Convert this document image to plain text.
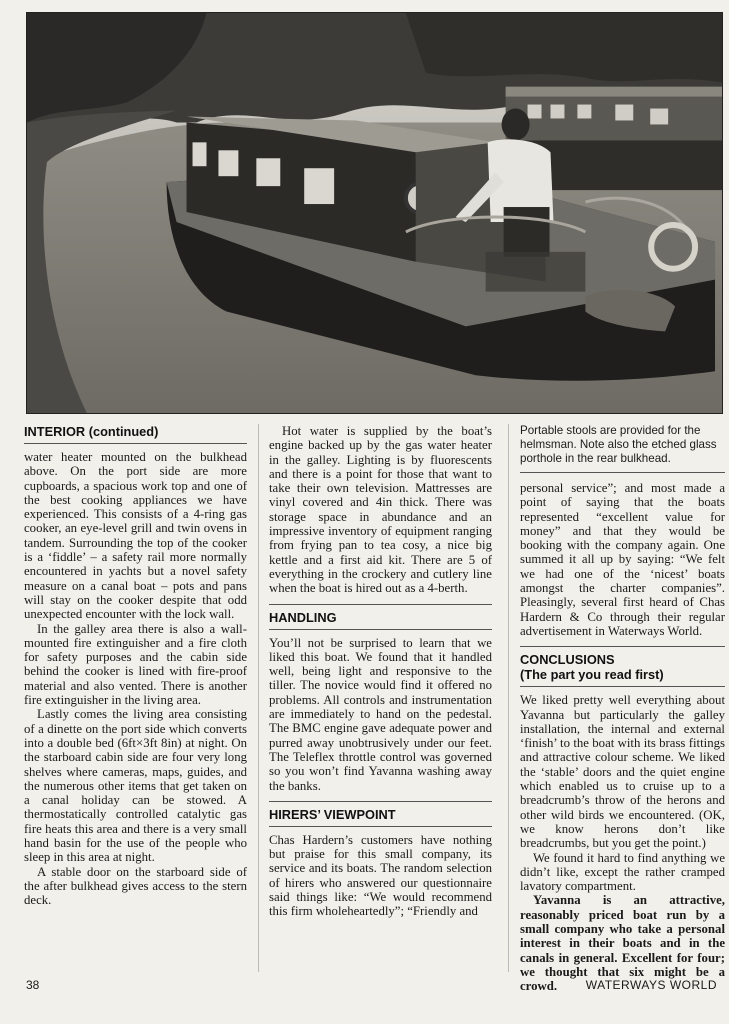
INTERIOR (continued)

water heater mounted on the bulkhead above. On the port side are more cupboards, a spacious work top and one of the best cooking appliances we have experienced. This consists of a 4-ring gas cooker, an eye-level grill and twin ovens in tandem. Surrounding the top of the cooker is a ‘fiddle’ – a safety rail more normally encountered in yachts but a novel safety measure on a canal boat – pots and pans will stay on the cooker despite that odd unexpected encounter with the lock wall.

In the galley area there is also a wall-mounted fire extinguisher and a fire cloth for safety purposes and the cabin side behind the cooker is lined with fire-proof material and also vented. There is another fire extinguisher in the living area.

Lastly comes the living area consisting of a dinette on the port side which converts into a double bed (6ft×3ft 8in) at night. On the starboard cabin side are four very long shelves where cameras, maps, guides, and the numerous other items that get taken on a canal holiday can be stowed. A thermostatically controlled catalytic gas fire heats this area and there is a very small hand basin for the use of the people who sleep in this area at night.

A stable door on the starboard side of the after bulkhead gives access to the stern deck.

Hot water is supplied by the boat’s engine backed up by the gas water heater in the galley. Lighting is by fluorescents and there is a point for those that want to take their own television. Mattresses are vinyl covered and 4in thick. There was storage space in abundance and an impressive inventory of equipment ranging from frying pan to tea cosy, a nice big kettle and a first aid kit. There are 5 of everything in the crockery and cutlery line when the boat is hired out as a 4-berth.

HANDLING

You’ll not be surprised to learn that we liked this boat. We found that it handled well, being light and responsive to the tiller. The novice would find it offered no problems. All controls and instrumentation are immediately to hand on the pedestal. The BMC engine gave adequate power and purred away unobtrusively under our feet. The Teleflex throttle control was governed so you won’t find Yavanna washing away the banks.

HIRERS’ VIEWPOINT

Chas Hardern’s customers have nothing but praise for this small company, its service and its boats. The random selection of hirers who answered our questionnaire said things like: “We would recommend this firm wholeheartedly”; “Friendly and

Portable stools are provided for the helmsman. Note also the etched glass porthole in the rear bulkhead.

personal service”; and most made a point of saying that the boats represented “excellent value for money” and that they would be booking with the company again. One summed it all up by saying: “We felt we had one of the ‘nicest’ boats amongst the charter companies”. Pleasingly, several first heard of Chas Hardern & Co through their regular advertisement in Waterways World.

CONCLUSIONS
(The part you read first)

We liked pretty well everything about Yavanna but particularly the galley installation, the internal and external ‘finish’ to the boat with its brass fittings and attractive colour scheme. We liked the ‘stable’ doors and the quiet engine which enabled us to cruise up to a breadcrumb’s throw of the herons and other wild birds we encountered. (OK, we know herons don’t like breadcrumbs, but you get the point.)

We found it hard to find anything we didn’t like, except the rather cramped lavatory compartment.

Yavanna is an attractive, reasonably priced boat run by a small company who take a personal interest in their boats and in the canals in general. Excellent for four; we thought that six might be a crowd.

38	WATERWAYS WORLD
